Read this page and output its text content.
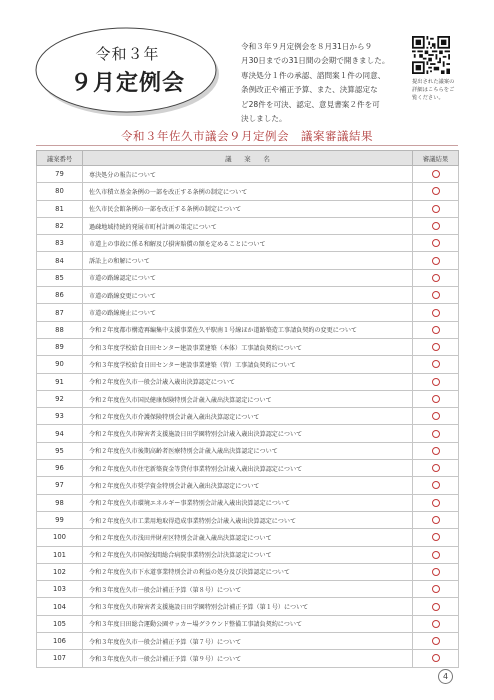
令和３年
９月定例会
令和３年９月定例会を８月31日から９
月30日までの31日間の会期で開きました。
専決処分１件の承認、諮問案１件の同意、
条例改正や補正予算、また、決算認定な
ど28件を可決、認定、意見書案２件を可
決しました。
提出された議案の
詳細はこちらをご
覧ください。
令和３年佐久市議会９月定例会　議案審議結果
議案番号	議　　案　　名	審議結果
79	専決処分の報告について	
80	佐久市積立基金条例の一部を改正する条例の制定について	
81	佐久市民会館条例の一部を改正する条例の制定について	
82	過疎地域持続的発展市町村計画の策定について	
83	市道上の事故に係る和解及び損害賠償の額を定めることについて	
84	訴訟上の和解について	
85	市道の路線認定について	
86	市道の路線変更について	
87	市道の路線廃止について	
88	令和２年度都市構造再編集中支援事業佐久平駅南１号線ほか道路築造工事請負契約の変更について	
89	令和３年度学校給食日田センター建設事業建築（本体）工事請負契約について	
90	令和３年度学校給食日田センター建設事業建築（管）工事請負契約について	
91	令和２年度佐久市一般会計歳入歳出決算認定について	
92	令和２年度佐久市国民健康保険特別会計歳入歳出決算認定について	
93	令和２年度佐久市介護保険特別会計歳入歳出決算認定について	
94	令和２年度佐久市障害者支援施設日田学園特別会計歳入歳出決算認定について	
95	令和２年度佐久市後期高齢者医療特別会計歳入歳出決算認定について	
96	令和２年度佐久市住宅新築資金等貸付事業特別会計歳入歳出決算認定について	
97	令和２年度佐久市奨学資金特別会計歳入歳出決算認定について	
98	令和２年度佐久市環境エネルギー事業特別会計歳入歳出決算認定について	
99	令和２年度佐久市工業用地取得造成事業特別会計歳入歳出決算認定について	
100	令和２年度佐久市浅田井財産区特別会計歳入歳出決算認定について	
101	令和２年度佐久市国保浅間総合病院事業特別会計決算認定について	
102	令和２年度佐久市下水道事業特別会計の利益の処分及び決算認定について	
103	令和３年度佐久市一般会計補正予算（第８号）について	
104	令和３年度佐久市障害者支援施設日田学園特別会計補正予算（第１号）について	
105	令和３年度日田総合運動公園サッカー場グラウンド整備工事請負契約について	
106	令和３年度佐久市一般会計補正予算（第７号）について	
107	令和３年度佐久市一般会計補正予算（第９号）について	
4
